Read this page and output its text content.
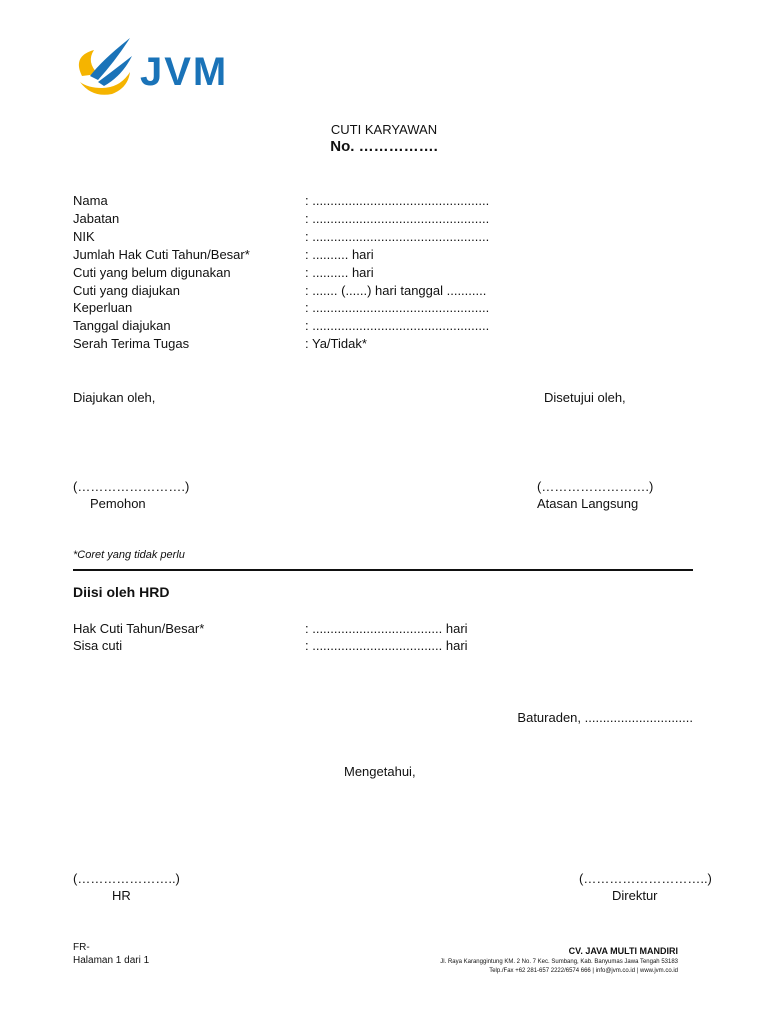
JVM
CUTI KARYAWAN
No. …………….
Nama	: .................................................
Jabatan	: .................................................
NIK	: .................................................
Jumlah Hak Cuti Tahun/Besar*	: .......... hari
Cuti yang belum digunakan	: .......... hari
Cuti yang diajukan	: ....... (......) hari tanggal ...........
Keperluan	: .................................................
Tanggal diajukan	: .................................................
Serah Terima Tugas	: Ya/Tidak*
Diajukan oleh,	Disetujui oleh,
(…………………….)
Pemohon
(…………………….)
Atasan Langsung
*Coret yang tidak perlu
Diisi oleh HRD
Hak Cuti Tahun/Besar*	: .................................... hari
Sisa cuti	: .................................... hari
Baturaden, ..............................
Mengetahui,
(…………………..)
HR
(………………………..)
Direktur
FR-
Halaman 1 dari 1
CV. JAVA MULTI MANDIRI
Jl. Raya Karanggintung KM. 2 No. 7 Kec. Sumbang, Kab. Banyumas Jawa Tengah 53183
Telp./Fax +62 281-657 2222/6574 666 | info@jvm.co.id | www.jvm.co.id
